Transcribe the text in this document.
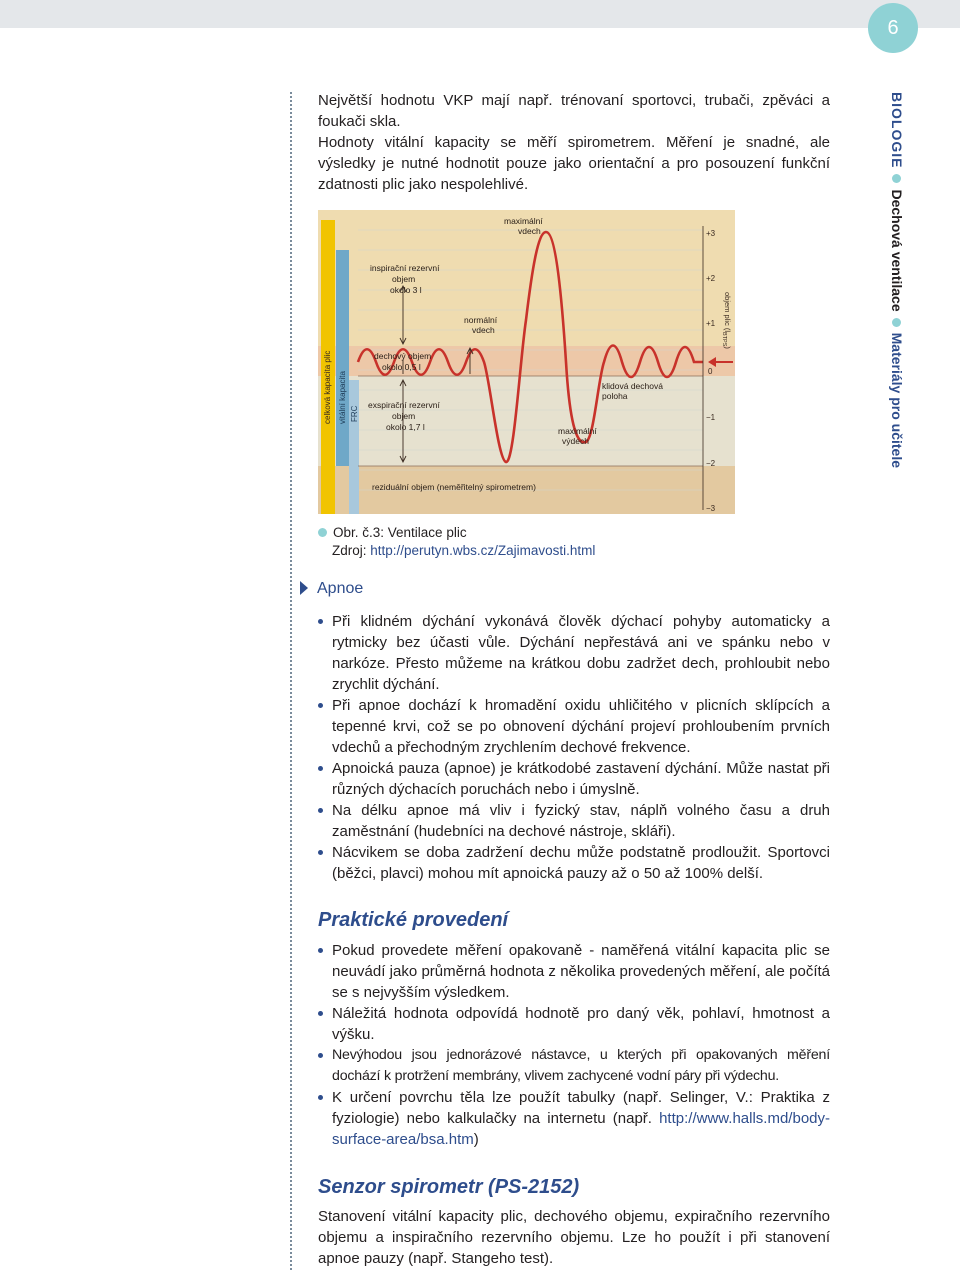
6
BIOLOGIEDechová ventilaceMateriály pro učitele

Největší hodnotu VKP mají např. trénovaní sportovci, trubači, zpěváci a foukači skla.

Hodnoty vitální kapacity se měří spirometrem. Měření je snadné, ale výsledky je nutné hodnotit pouze jako orientační a pro posouzení funkční zdatnosti plic jako nespolehlivé.

celková kapacita plic vitální kapacita FRC
+3
+2
+1
0
−1
−2
−3
objem plic $(l_{BTPS})$
maximální
vdech
inspirační rezervní
objem
okolo 3 l
normální
vdech
dechový objem
okolo 0,5 l
klidová dechová
poloha
exspirační rezervní
objem
okolo 1,7 l	maximální
výdech
reziduální objem (neměřitelný spirometrem)
Obr. č.3: Ventilace plic
Zdroj: http://perutyn.wbs.cz/Zajimavosti.html
Apnoe
Při klidném dýchání vykonává člověk dýchací pohyby automaticky a rytmicky bez účasti vůle. Dýchání nepřestává ani ve spánku nebo v narkóze. Přesto můžeme na krátkou dobu zadržet dech, prohloubit nebo zrychlit dýchání.
Při apnoe dochází k hromadění oxidu uhličitého v plicních sklípcích a tepenné krvi, což se po obnovení dýchání projeví prohloubením prvních vdechů a přechodným zrychlením dechové frekvence.
Apnoická pauza (apnoe) je krátkodobé zastavení dýchání. Může nastat při různých dýchacích poruchách nebo i úmyslně.
Na délku apnoe má vliv i fyzický stav, náplň volného času a druh zaměstnání (hudebníci na dechové nástroje, skláři).
Nácvikem se doba zadržení dechu může podstatně prodloužit. Sportovci (běžci, plavci) mohou mít apnoická pauzy až o 50 až 100% delší.
Praktické provedení
Pokud provedete měření opakovaně - naměřená vitální kapacita plic se neuvádí jako průměrná hodnota z několika provedených měření, ale počítá se s nejvyšším výsledkem.
Náležitá hodnota odpovídá hodnotě pro daný věk, pohlaví, hmotnost a výšku.
Nevýhodou jsou jednorázové nástavce, u kterých při opakovaných měření dochází k protržení membrány, vlivem zachycené vodní páry při výdechu.
K určení povrchu těla lze použít tabulky (např. Selinger, V.: Praktika z fyziologie) nebo kalkulačky na internetu (např. http://www.halls.md/body-surface-area/bsa.htm)
Senzor spirometr (PS-2152)

Stanovení vitální kapacity plic, dechového objemu, expiračního rezervního objemu a inspiračního rezervního objemu. Lze ho použít i při stanovení apnoe pauzy (např. Stangeho test).
